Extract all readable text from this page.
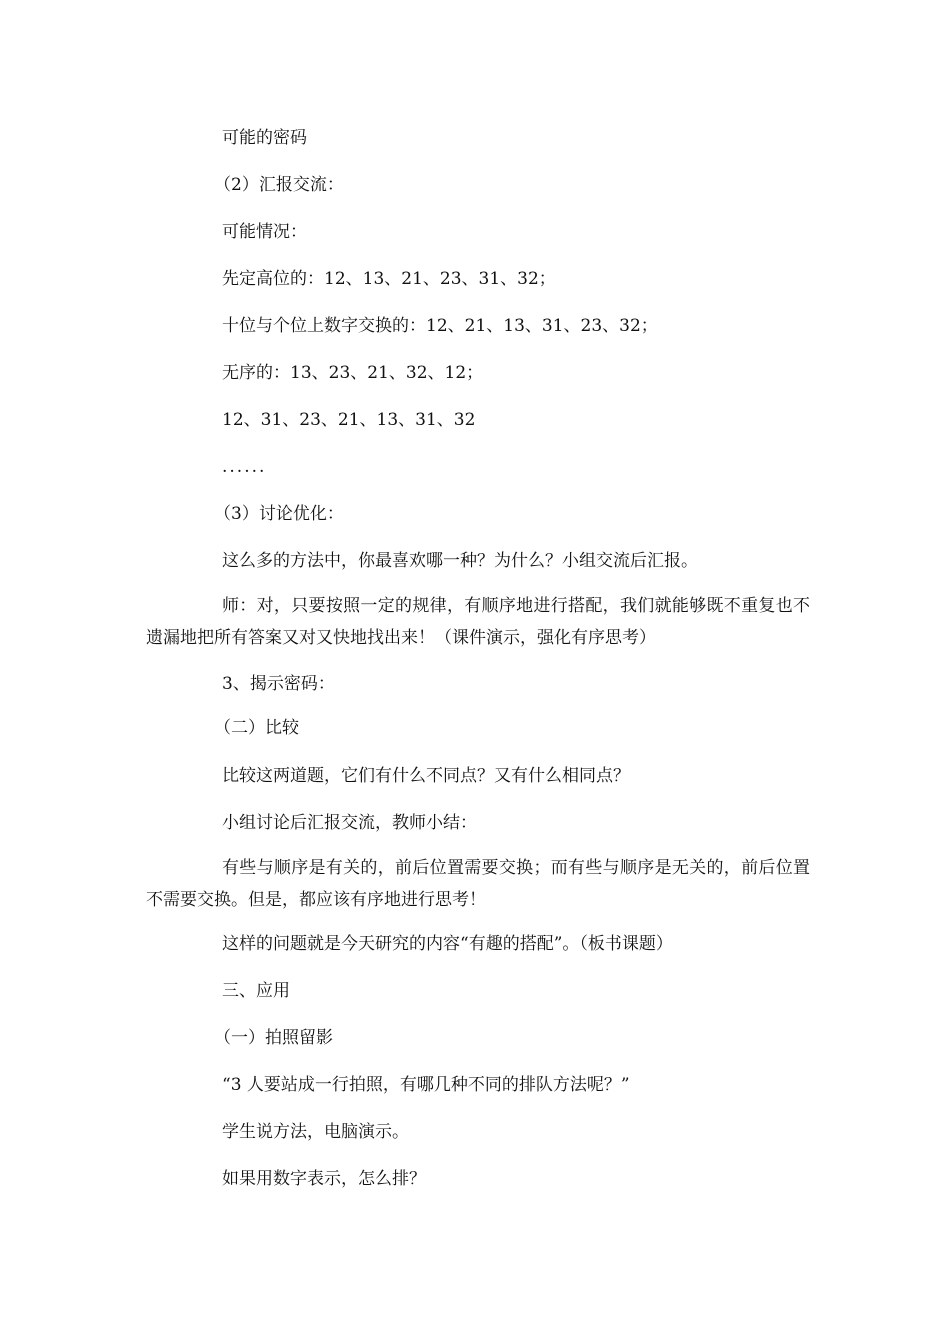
可能的密码
（2）汇报交流：
可能情况：
先定高位的：12、13、21、23、31、32；
十位与个位上数字交换的：12、21、13、31、23、32；
无序的：13、23、21、32、12；
12、31、23、21、13、31、32
......
（3）讨论优化：
这么多的方法中，你最喜欢哪一种？为什么？小组交流后汇报。
师：对，只要按照一定的规律，有顺序地进行搭配，我们就能够既不重复也不遗漏地把所有答案又对又快地找出来！（课件演示，强化有序思考）
3、揭示密码：
（二）比较
比较这两道题，它们有什么不同点？又有什么相同点？
小组讨论后汇报交流，教师小结：
有些与顺序是有关的，前后位置需要交换；而有些与顺序是无关的，前后位置不需要交换。但是，都应该有序地进行思考！
这样的问题就是今天研究的内容“有趣的搭配”。（板书课题）
三、应用
（一）拍照留影
“3 人要站成一行拍照，有哪几种不同的排队方法呢？”
学生说方法，电脑演示。
如果用数字表示，怎么排？
